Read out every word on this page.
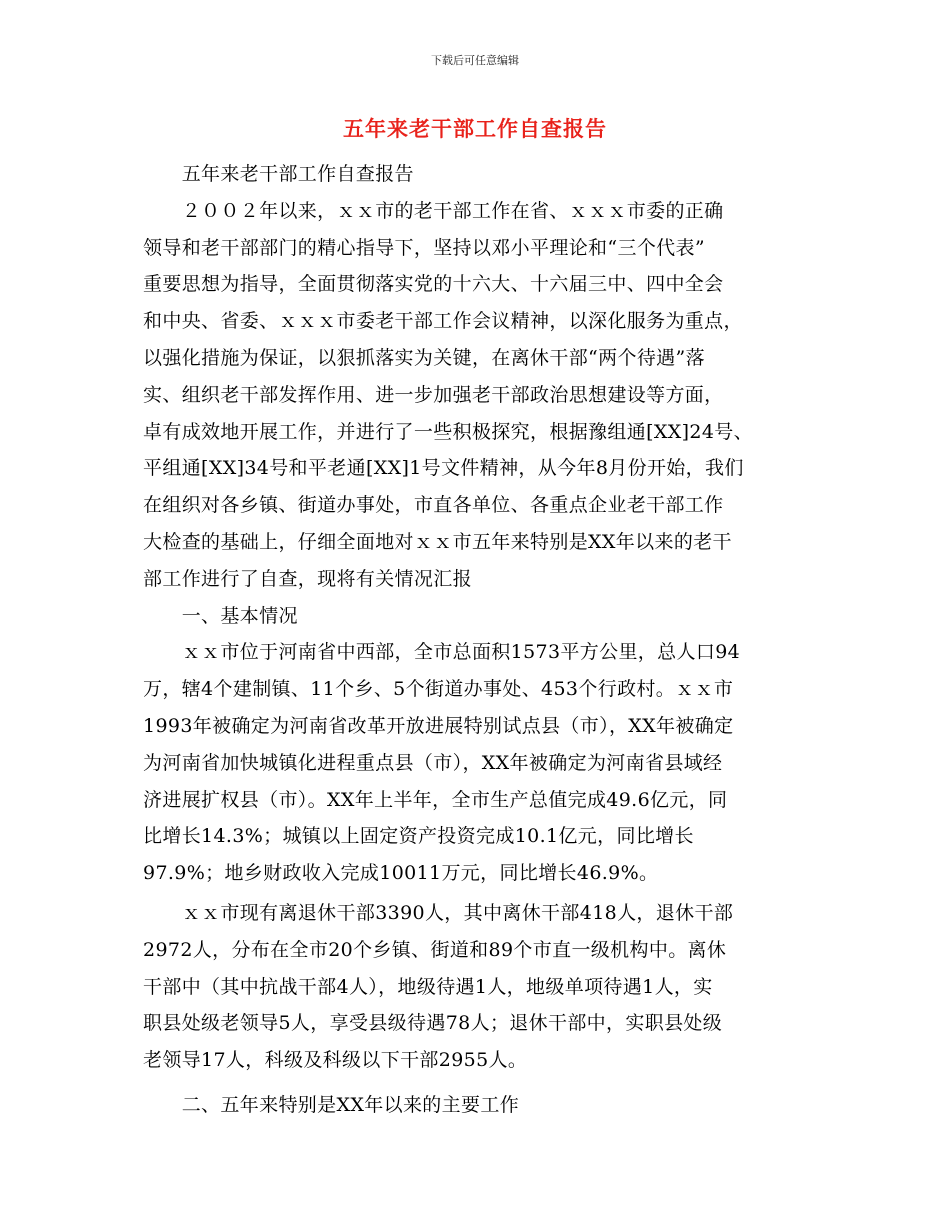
下载后可任意编辑
五年来老干部工作自查报告
　　五年来老干部工作自查报告
　　２００２年以来，ｘｘ市的老干部工作在省、ｘｘｘ市委的正确
领导和老干部部门的精心指导下，坚持以邓小平理论和“三个代表”
重要思想为指导，全面贯彻落实党的十六大、十六届三中、四中全会
和中央、省委、ｘｘｘ市委老干部工作会议精神，以深化服务为重点，
以强化措施为保证，以狠抓落实为关键，在离休干部“两个待遇”落
实、组织老干部发挥作用、进一步加强老干部政治思想建设等方面，
卓有成效地开展工作，并进行了一些积极探究，根据豫组通[XX]24号、
平组通[XX]34号和平老通[XX]1号文件精神，从今年8月份开始，我们
在组织对各乡镇、街道办事处，市直各单位、各重点企业老干部工作
大检查的基础上，仔细全面地对ｘｘ市五年来特别是XX年以来的老干
部工作进行了自查，现将有关情况汇报
　　一、基本情况
　　ｘｘ市位于河南省中西部，全市总面积1573平方公里，总人口94
万，辖4个建制镇、11个乡、5个街道办事处、453个行政村。ｘｘ市
1993年被确定为河南省改革开放进展特别试点县（市），XX年被确定
为河南省加快城镇化进程重点县（市），XX年被确定为河南省县域经
济进展扩权县（市）。XX年上半年，全市生产总值完成49.6亿元，同
比增长14.3%；城镇以上固定资产投资完成10.1亿元，同比增长
97.9%；地乡财政收入完成10011万元，同比增长46.9%。
　　ｘｘ市现有离退休干部3390人，其中离休干部418人，退休干部
2972人，分布在全市20个乡镇、街道和89个市直一级机构中。离休
干部中（其中抗战干部4人），地级待遇1人，地级单项待遇1人，实
职县处级老领导5人，享受县级待遇78人；退休干部中，实职县处级
老领导17人，科级及科级以下干部2955人。
　　二、五年来特别是XX年以来的主要工作
